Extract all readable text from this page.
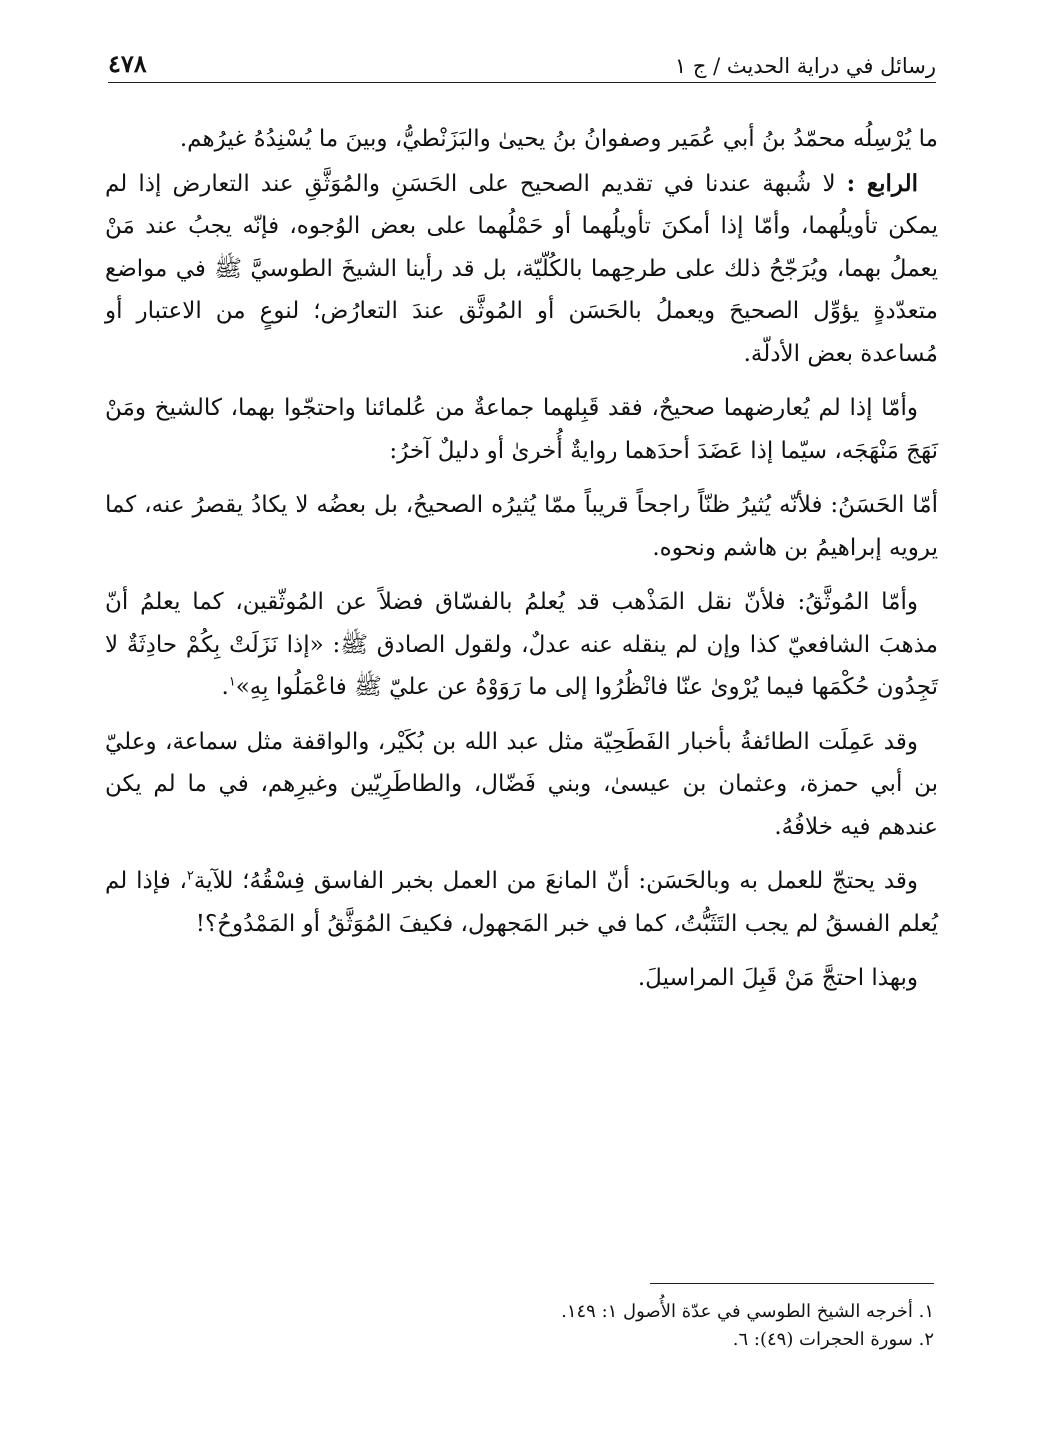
رسائل في دراية الحديث / ج ١
٤٧٨

ما يُرْسِلُه محمّدُ بنُ أبي عُمَير وصفوانُ بنُ يحيىٰ والبَزَنْطيُّ، وبينَ ما يُسْنِدُهُ غيرُهم.

الرابع : لا شُبهة عندنا في تقديم الصحيح على الحَسَنِ والمُوَثَّقِ عند التعارض إذا لم يمكن تأويلُهما، وأمّا إذا أمكنَ تأويلُهما أو حَمْلُهما على بعض الوُجوه، فإنّه يجبُ عند مَنْ يعملُ بهما، ويُرَجّحُ ذلك على طرحِهما بالكُلّيّة، بل قد رأينا الشيخَ الطوسيَّ ﷺ في مواضع متعدّدةٍ يؤوِّل الصحيحَ ويعملُ بالحَسَن أو المُوثَّق عندَ التعارُض؛ لنوعٍ من الاعتبار أو مُساعدة بعض الأدلّة.

وأمّا إذا لم يُعارضهما صحيحٌ، فقد قَبِلهما جماعةٌ من عُلمائنا واحتجّوا بهما، كالشيخ ومَنْ نَهَجَ مَنْهَجَه، سيّما إذا عَضَدَ أحدَهما روايةٌ أُخرىٰ أو دليلٌ آخرُ:

أمّا الحَسَنُ: فلأنّه يُثيرُ ظنّاً راجحاً قريباً ممّا يُثيرُه الصحيحُ، بل بعضُه لا يكادُ يقصرُ عنه، كما يرويه إبراهيمُ بن هاشم ونحوه.

وأمّا المُوثَّقُ: فلأنّ نقل المَذْهب قد يُعلمُ بالفسّاق فضلاً عن المُوثّقين، كما يعلمُ أنّ مذهبَ الشافعيّ كذا وإن لم ينقله عنه عدلٌ، ولقول الصادق ﷺ: «إذا نَزَلَتْ بِكُمْ حادِثَةٌ لا تَجِدُون حُكْمَها فيما يُرْوىٰ عنّا فانْظُرُوا إلى ما رَوَوْهُ عن عليّ ﷺ فاعْمَلُوا بِهِ»$^١$.

وقد عَمِلَت الطائفةُ بأخبار الفَطَحِيّة مثل عبد الله بن بُكَيْر، والواقفة مثل سماعة، وعليّ بن أبي حمزة، وعثمان بن عيسىٰ، وبني فَضّال، والطاطَرِيّين وغيرِهم، في ما لم يكن عندهم فيه خلافُهُ.

وقد يحتجّ للعمل به وبالحَسَن: أنّ المانعَ من العمل بخبر الفاسق فِسْقُهُ؛ للآية$^٢$، فإذا لم يُعلم الفسقُ لم يجب التَثَبُّتُ، كما في خبر المَجهول، فكيفَ المُوَثَّقُ أو المَمْدُوحُ؟!

وبهذا احتجَّ مَنْ قَبِلَ المراسيلَ.

١. أخرجه الشيخ الطوسي في عدّة الأُصول ١: ١٤٩.
٢. سورة الحجرات (٤٩): ٦.
